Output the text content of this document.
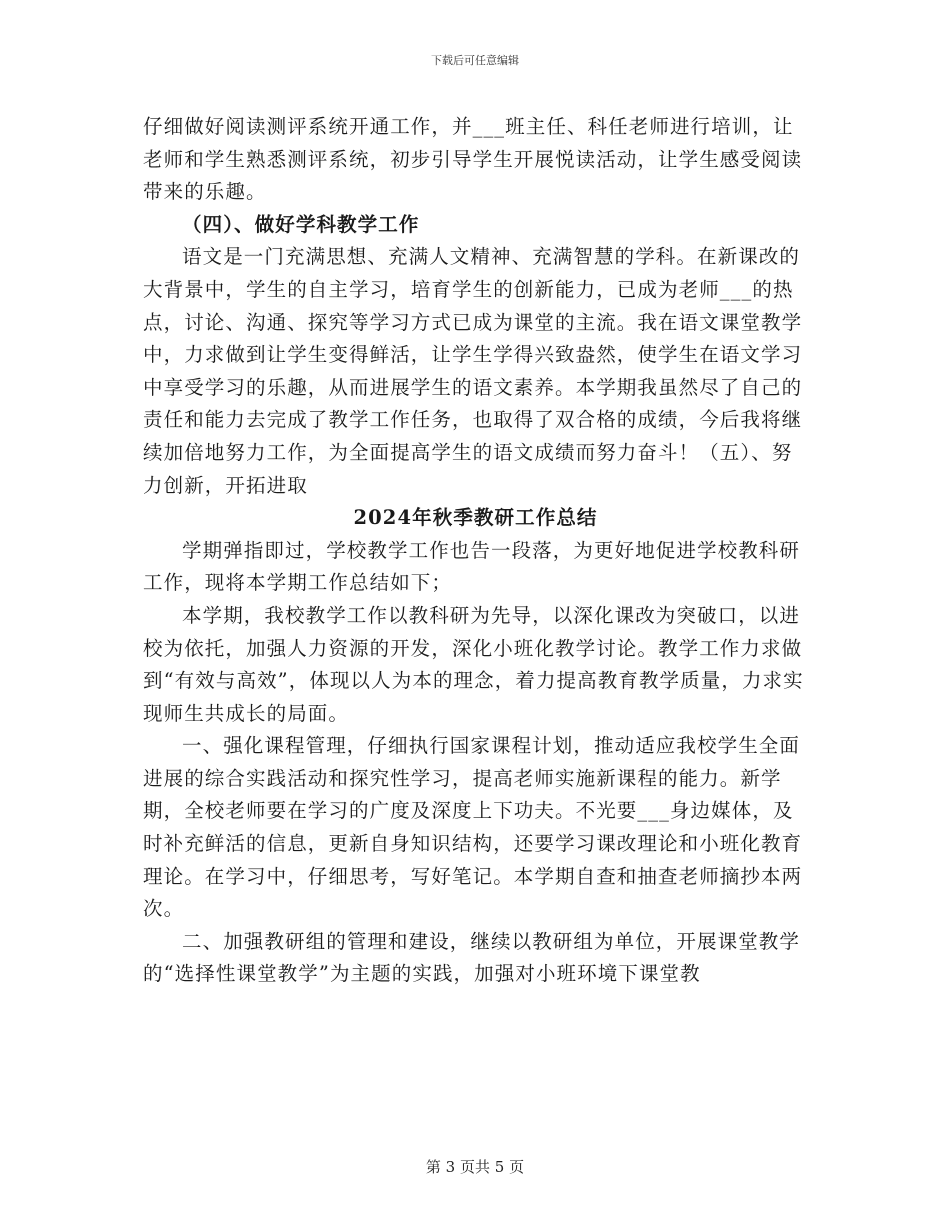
下载后可任意编辑

仔细做好阅读测评系统开通工作，并___班主任、科任老师进行培训，让老师和学生熟悉测评系统，初步引导学生开展悦读活动，让学生感受阅读带来的乐趣。

（四）、做好学科教学工作

语文是一门充满思想、充满人文精神、充满智慧的学科。在新课改的大背景中，学生的自主学习，培育学生的创新能力，已成为老师___的热点，讨论、沟通、探究等学习方式已成为课堂的主流。我在语文课堂教学中，力求做到让学生变得鲜活，让学生学得兴致盎然，使学生在语文学习中享受学习的乐趣，从而进展学生的语文素养。本学期我虽然尽了自己的责任和能力去完成了教学工作任务，也取得了双合格的成绩，今后我将继续加倍地努力工作，为全面提高学生的语文成绩而努力奋斗！（五）、努力创新，开拓进取

2024年秋季教研工作总结

学期弹指即过，学校教学工作也告一段落，为更好地促进学校教科研工作，现将本学期工作总结如下；

本学期，我校教学工作以教科研为先导，以深化课改为突破口，以进校为依托，加强人力资源的开发，深化小班化教学讨论。教学工作力求做到“有效与高效”，体现以人为本的理念，着力提高教育教学质量，力求实现师生共成长的局面。

一、强化课程管理，仔细执行国家课程计划，推动适应我校学生全面进展的综合实践活动和探究性学习，提高老师实施新课程的能力。新学期，全校老师要在学习的广度及深度上下功夫。不光要___身边媒体，及时补充鲜活的信息，更新自身知识结构，还要学习课改理论和小班化教育理论。在学习中，仔细思考，写好笔记。本学期自查和抽查老师摘抄本两次。

二、加强教研组的管理和建设，继续以教研组为单位，开展课堂教学的“选择性课堂教学”为主题的实践，加强对小班环境下课堂教

第 3 页共 5 页
